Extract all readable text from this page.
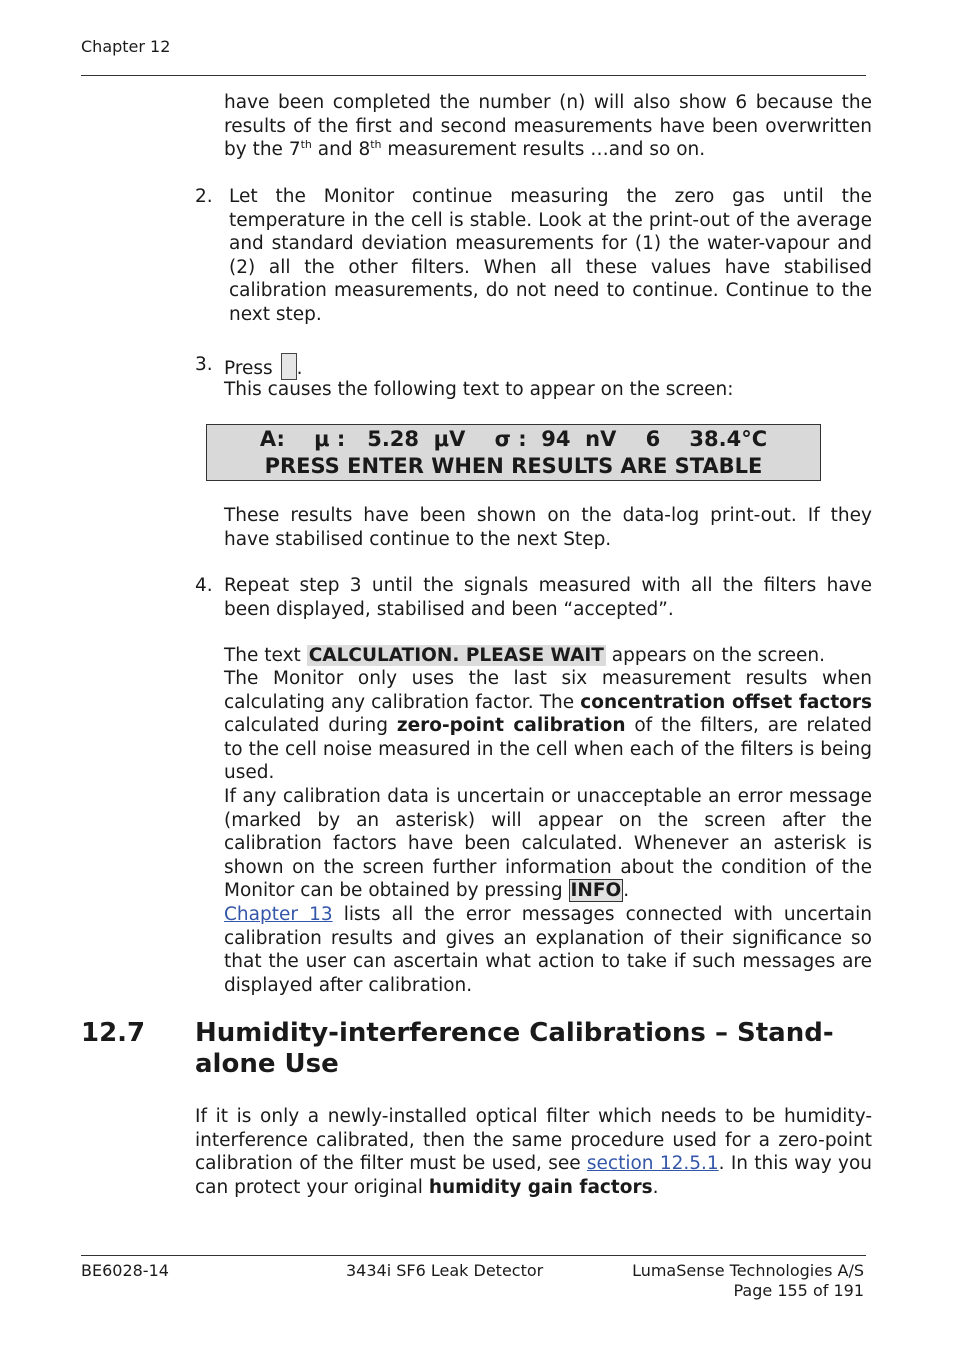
Chapter 12

have been completed the number (n) will also show 6 because the results of the first and second measurements have been overwritten by the 7th and 8th measurement results …and so on.

2. Let the Monitor continue measuring the zero gas until the temperature in the cell is stable. Look at the print-out of the average and standard deviation measurements for (1) the water-vapour and (2) all the other filters. When all these values have stabilised calibration measurements, do not need to continue. Continue to the next step.

3. Press .
This causes the following text to appear on the screen:
A:    μ :   5.28  μV    σ :  94  nV    6    38.4°C
PRESS ENTER WHEN RESULTS ARE STABLE

These results have been shown on the data-log print-out. If they have stabilised continue to the next Step.

4. Repeat step 3 until the signals measured with all the filters have been displayed, stabilised and been “accepted”.

The text CALCULATION. PLEASE WAIT appears on the screen.

The Monitor only uses the last six measurement results when calculating any calibration factor. The concentration offset factors calculated during zero-point calibration of the filters, are related to the cell noise measured in the cell when each of the filters is being used.

If any calibration data is uncertain or unacceptable an error message (marked by an asterisk) will appear on the screen after the calibration factors have been calculated. Whenever an asterisk is shown on the screen further information about the condition of the Monitor can be obtained by pressing INFO .

Chapter 13 lists all the error messages connected with uncertain calibration results and gives an explanation of their significance so that the user can ascertain what action to take if such messages are displayed after calibration.

12.7 Humidity-interference Calibrations – Stand-alone Use

If it is only a newly-installed optical filter which needs to be humidity-interference calibrated, then the same procedure used for a zero-point calibration of the filter must be used, see section 12.5.1. In this way you can protect your original humidity gain factors.

BE6028-14	3434i SF6 Leak Detector	LumaSense Technologies A/S
Page 155 of 191
